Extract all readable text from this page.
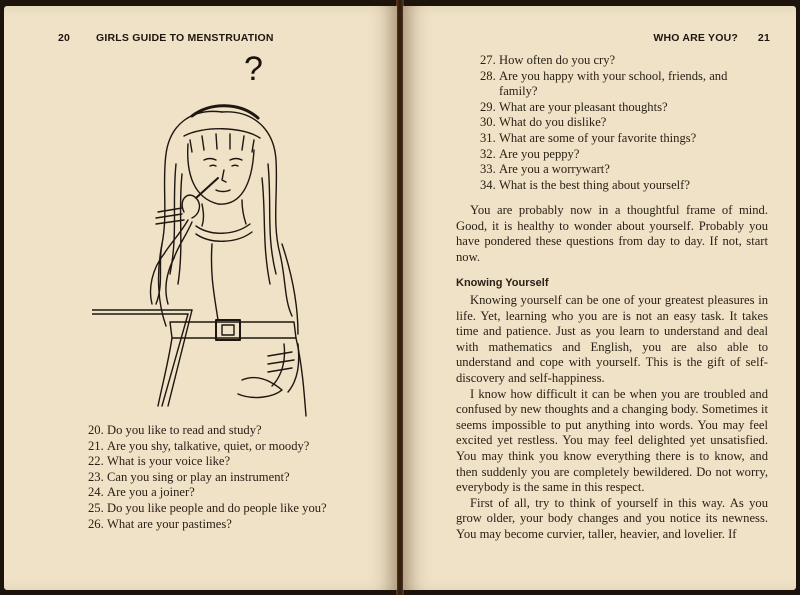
20 GIRLS GUIDE TO MENSTRUATION
?
20. Do you like to read and study?
21. Are you shy, talkative, quiet, or moody?
22. What is your voice like?
23. Can you sing or play an instrument?
24. Are you a joiner?
25. Do you like people and do people like you?
26. What are your pastimes?
WHO ARE YOU? 21
27. How often do you cry?
28. Are you happy with your school, friends, and family?
29. What are your pleasant thoughts?
30. What do you dislike?
31. What are some of your favorite things?
32. Are you peppy?
33. Are you a worrywart?
34. What is the best thing about yourself?

You are probably now in a thoughtful frame of mind. Good, it is healthy to wonder about yourself. Probably you have pondered these questions from day to day. If not, start now.

Knowing Yourself

Knowing yourself can be one of your greatest pleasures in life. Yet, learning who you are is not an easy task. It takes time and patience. Just as you learn to understand and deal with mathematics and English, you are also able to understand and cope with yourself. This is the gift of self-discovery and self-happiness.

I know how difficult it can be when you are troubled and confused by new thoughts and a changing body. Sometimes it seems impossible to put anything into words. You may feel excited yet restless. You may feel delighted yet unsatisfied. You may think you know everything there is to know, and then suddenly you are completely bewildered. Do not worry, everybody is the same in this respect.

First of all, try to think of yourself in this way. As you grow older, your body changes and you notice its newness. You may become curvier, taller, heavier, and lovelier. If
